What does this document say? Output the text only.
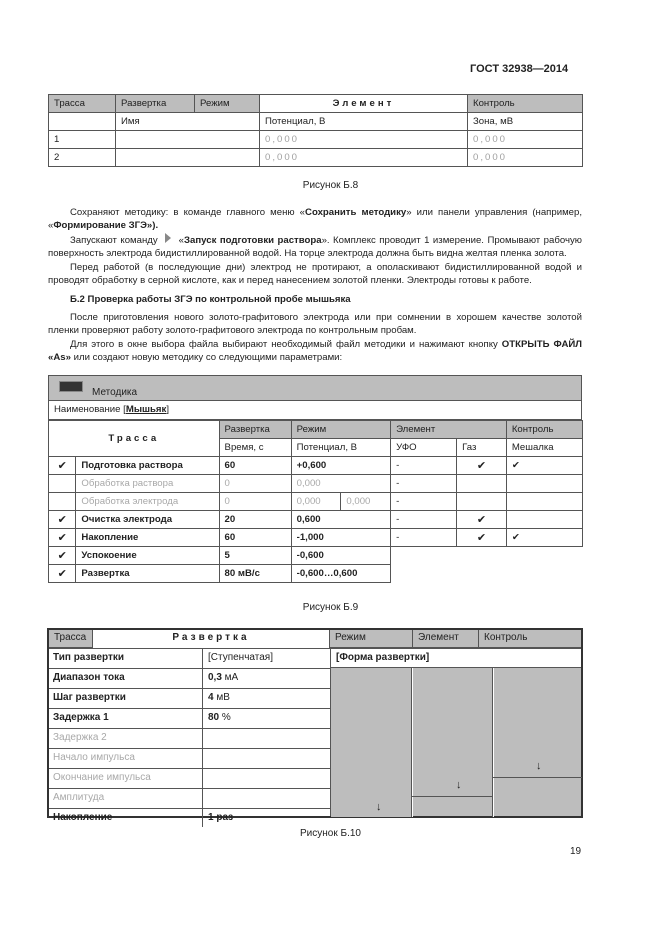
ГОСТ 32938—2014
Трасса	Развертка	Режим	Элемент	Контроль
	Имя		Потенциал, В	Зона, мВ
1			0,000	0,000
2			0,000	0,000
Рисунок Б.8

Сохраняют методику: в команде главного меню «Сохранить методику» или панели управления (например, «Формирование ЗГЭ»).

Запускают команду  «Запуск подготовки раствора». Комплекс проводит 1 измерение. Промывают рабочую поверхность электрода бидистиллированной водой. На торце электрода должна быть видна желтая пленка золота.

Перед работой (в последующие дни) электрод не протирают, а ополаскивают бидистиллированной водой и проводят обработку в серной кислоте, как и перед нанесением золотой пленки. Электроды готовы к работе.

Б.2 Проверка работы ЗГЭ по контрольной пробе мышьяка

После приготовления нового золото-графитового электрода или при сомнении в хорошем качестве золотой пленки проверяют работу золото-графитового электрода по контрольным пробам.

Для этого в окне выбора файла выбирают необходимый файл методики и нажимают кнопку ОТКРЫТЬ ФАЙЛ «As» или создают новую методику со следующими параметрами:

Методика
Наименование [Мышьяк]
Трасса		Развертка	Режим		Элемент		Контроль
		Время, с	Потенциал, В		УФО	Газ	Мешалка
✔	Подготовка раствора	60	+0,600		-	✔	✔
	Обработка раствора	0	0,000		-		
	Обработка электрода	0	0,000	0,000	-		
✔	Очистка электрода	20	0,600		-	✔	
✔	Накопление	60	-1,000		-	✔	✔
✔	Успокоение	5	-0,600				
✔	Развертка	80 мВ/с	-0,600…0,600				
Рисунок Б.9
Трасса	Развертка	Режим	Элемент	Контроль
Тип развертки	[Ступенчатая]
Диапазон тока	0,3 мА
Шаг развертки	4 мВ
Задержка 1	80 %
Задержка 2
Начало импульса
Окончание импульса
Амплитуда
Накопление	1 раз
[Форма развертки]
↓
↓
↓
Рисунок Б.10
19
